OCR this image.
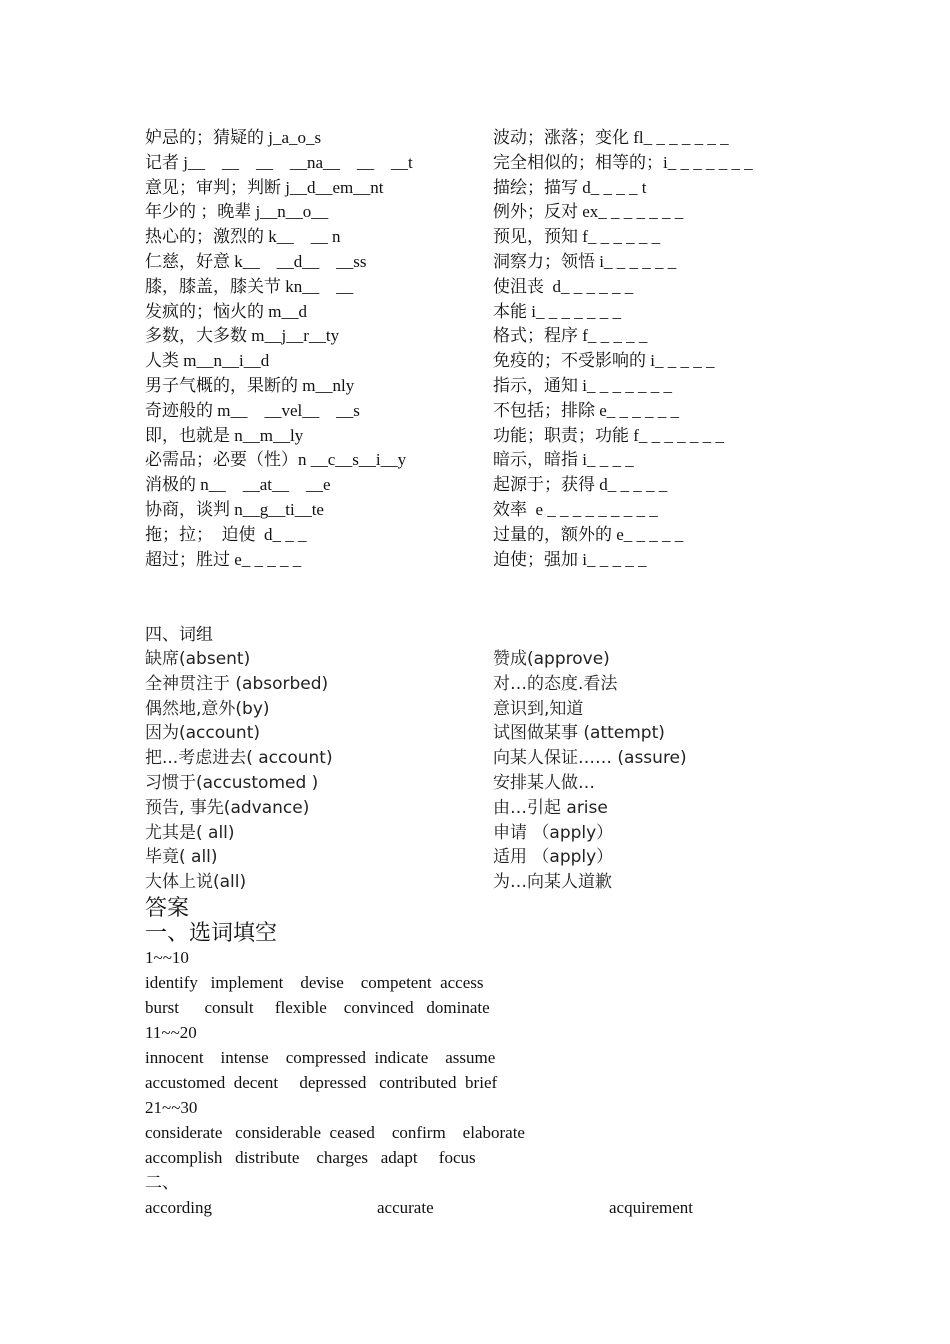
妒忌的；猜疑的 j_a_o_s	波动；涨落；变化 fl_ _ _ _ _ _ _
记者 j__    __    __    __na__    __    __t	完全相似的；相等的；i_ _ _ _ _ _ _
意见；审判；判断 j__d__em__nt	描绘；描写 d_ _ _ _ t
年少的 ；晚辈 j__n__o__	例外；反对 ex_ _ _ _ _ _ _
热心的；激烈的 k__    __ n	预见，预知 f_ _ _ _ _ _
仁慈，好意 k__    __d__    __ss	洞察力；领悟 i_ _ _ _ _ _
膝，膝盖，膝关节 kn__    __	使沮丧  d_ _ _ _ _ _
发疯的；恼火的 m__d	本能 i_ _ _ _ _ _ _
多数，大多数 m__j__r__ty	格式；程序 f_ _ _ _ _
人类 m__n__i__d	免疫的；不受影响的 i_ _ _ _ _
男子气概的，果断的 m__nly	指示，通知 i_ _ _ _ _ _ _
奇迹般的 m__    __vel__    __s	不包括；排除 e_ _ _ _ _ _
即，也就是 n__m__ly	功能；职责；功能 f_ _ _ _ _ _ _
必需品；必要（性）n __c__s__i__y	暗示，暗指 i_ _ _ _
消极的 n__    __at__    __e	起源于；获得 d_ _ _ _ _
协商，谈判 n__g__ti__te	效率  e _ _ _ _ _ _ _ _ _
拖；拉；  迫使  d_ _ _	过量的，额外的 e_ _ _ _ _
超过；胜过 e_ _ _ _ _	迫使；强加 i_ _ _ _ _
四、词组
缺席(absent)	赞成(approve)
全神贯注于 (absorbed)	对…的态度.看法
偶然地,意外(by)	意识到,知道
因为(account)	试图做某事 (attempt)
把...考虑进去( account)	向某人保证…… (assure)
习惯于(accustomed )	安排某人做…
预告, 事先(advance)	由…引起 arise
尤其是( all)	申请 （apply）
毕竟( all)	适用 （apply）
大体上说(all)	为…向某人道歉
答案
一、选词填空
1~~10
identify   implement    devise    competent  access
burst      consult     flexible    convinced   dominate
11~~20
innocent    intense    compressed  indicate    assume
accustomed  decent     depressed   contributed  brief
21~~30
considerate   considerable  ceased    confirm    elaborate
accomplish   distribute    charges   adapt     focus
二、
according	accurate	acquirement
